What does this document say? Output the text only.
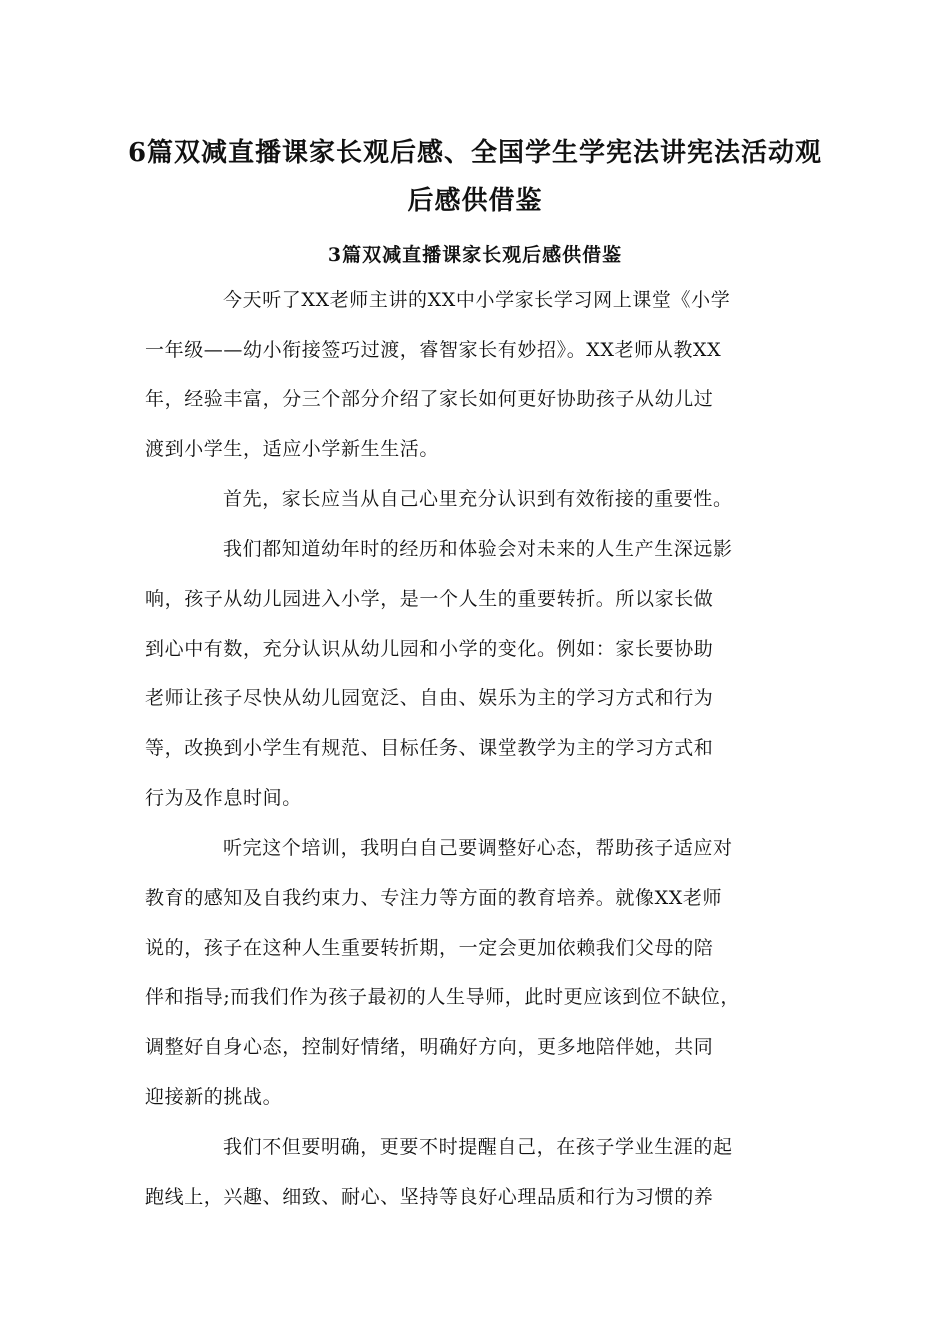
6篇双减直播课家长观后感、全国学生学宪法讲宪法活动观
后感供借鉴
3篇双减直播课家长观后感供借鉴
今天听了XX老师主讲的XX中小学家长学习网上课堂《小学
一年级——幼小衔接签巧过渡，睿智家长有妙招》。XX老师从教XX
年，经验丰富，分三个部分介绍了家长如何更好协助孩子从幼儿过
渡到小学生，适应小学新生生活。
首先，家长应当从自己心里充分认识到有效衔接的重要性。
我们都知道幼年时的经历和体验会对未来的人生产生深远影
响，孩子从幼儿园进入小学，是一个人生的重要转折。所以家长做
到心中有数，充分认识从幼儿园和小学的变化。例如：家长要协助
老师让孩子尽快从幼儿园宽泛、自由、娱乐为主的学习方式和行为
等，改换到小学生有规范、目标任务、课堂教学为主的学习方式和
行为及作息时间。
听完这个培训，我明白自己要调整好心态，帮助孩子适应对
教育的感知及自我约束力、专注力等方面的教育培养。就像XX老师
说的，孩子在这种人生重要转折期，一定会更加依赖我们父母的陪
伴和指导;而我们作为孩子最初的人生导师，此时更应该到位不缺位，
调整好自身心态，控制好情绪，明确好方向，更多地陪伴她，共同
迎接新的挑战。
我们不但要明确，更要不时提醒自己，在孩子学业生涯的起
跑线上，兴趣、细致、耐心、坚持等良好心理品质和行为习惯的养
